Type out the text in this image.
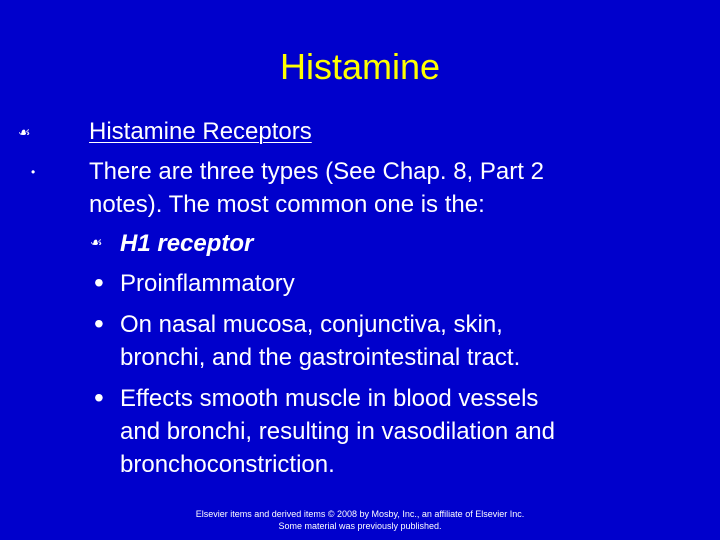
Histamine
☙ Histamine Receptors
• There are three types (See Chap. 8, Part 2
notes). The most common one is the:
☙ H1 receptor
• Proinflammatory
• On nasal mucosa, conjunctiva, skin,
bronchi, and the gastrointestinal tract.
• Effects smooth muscle in blood vessels
and bronchi, resulting in vasodilation and
bronchoconstriction.
Elsevier items and derived items © 2008 by Mosby, Inc., an affiliate of Elsevier Inc.
Some material was previously published.
